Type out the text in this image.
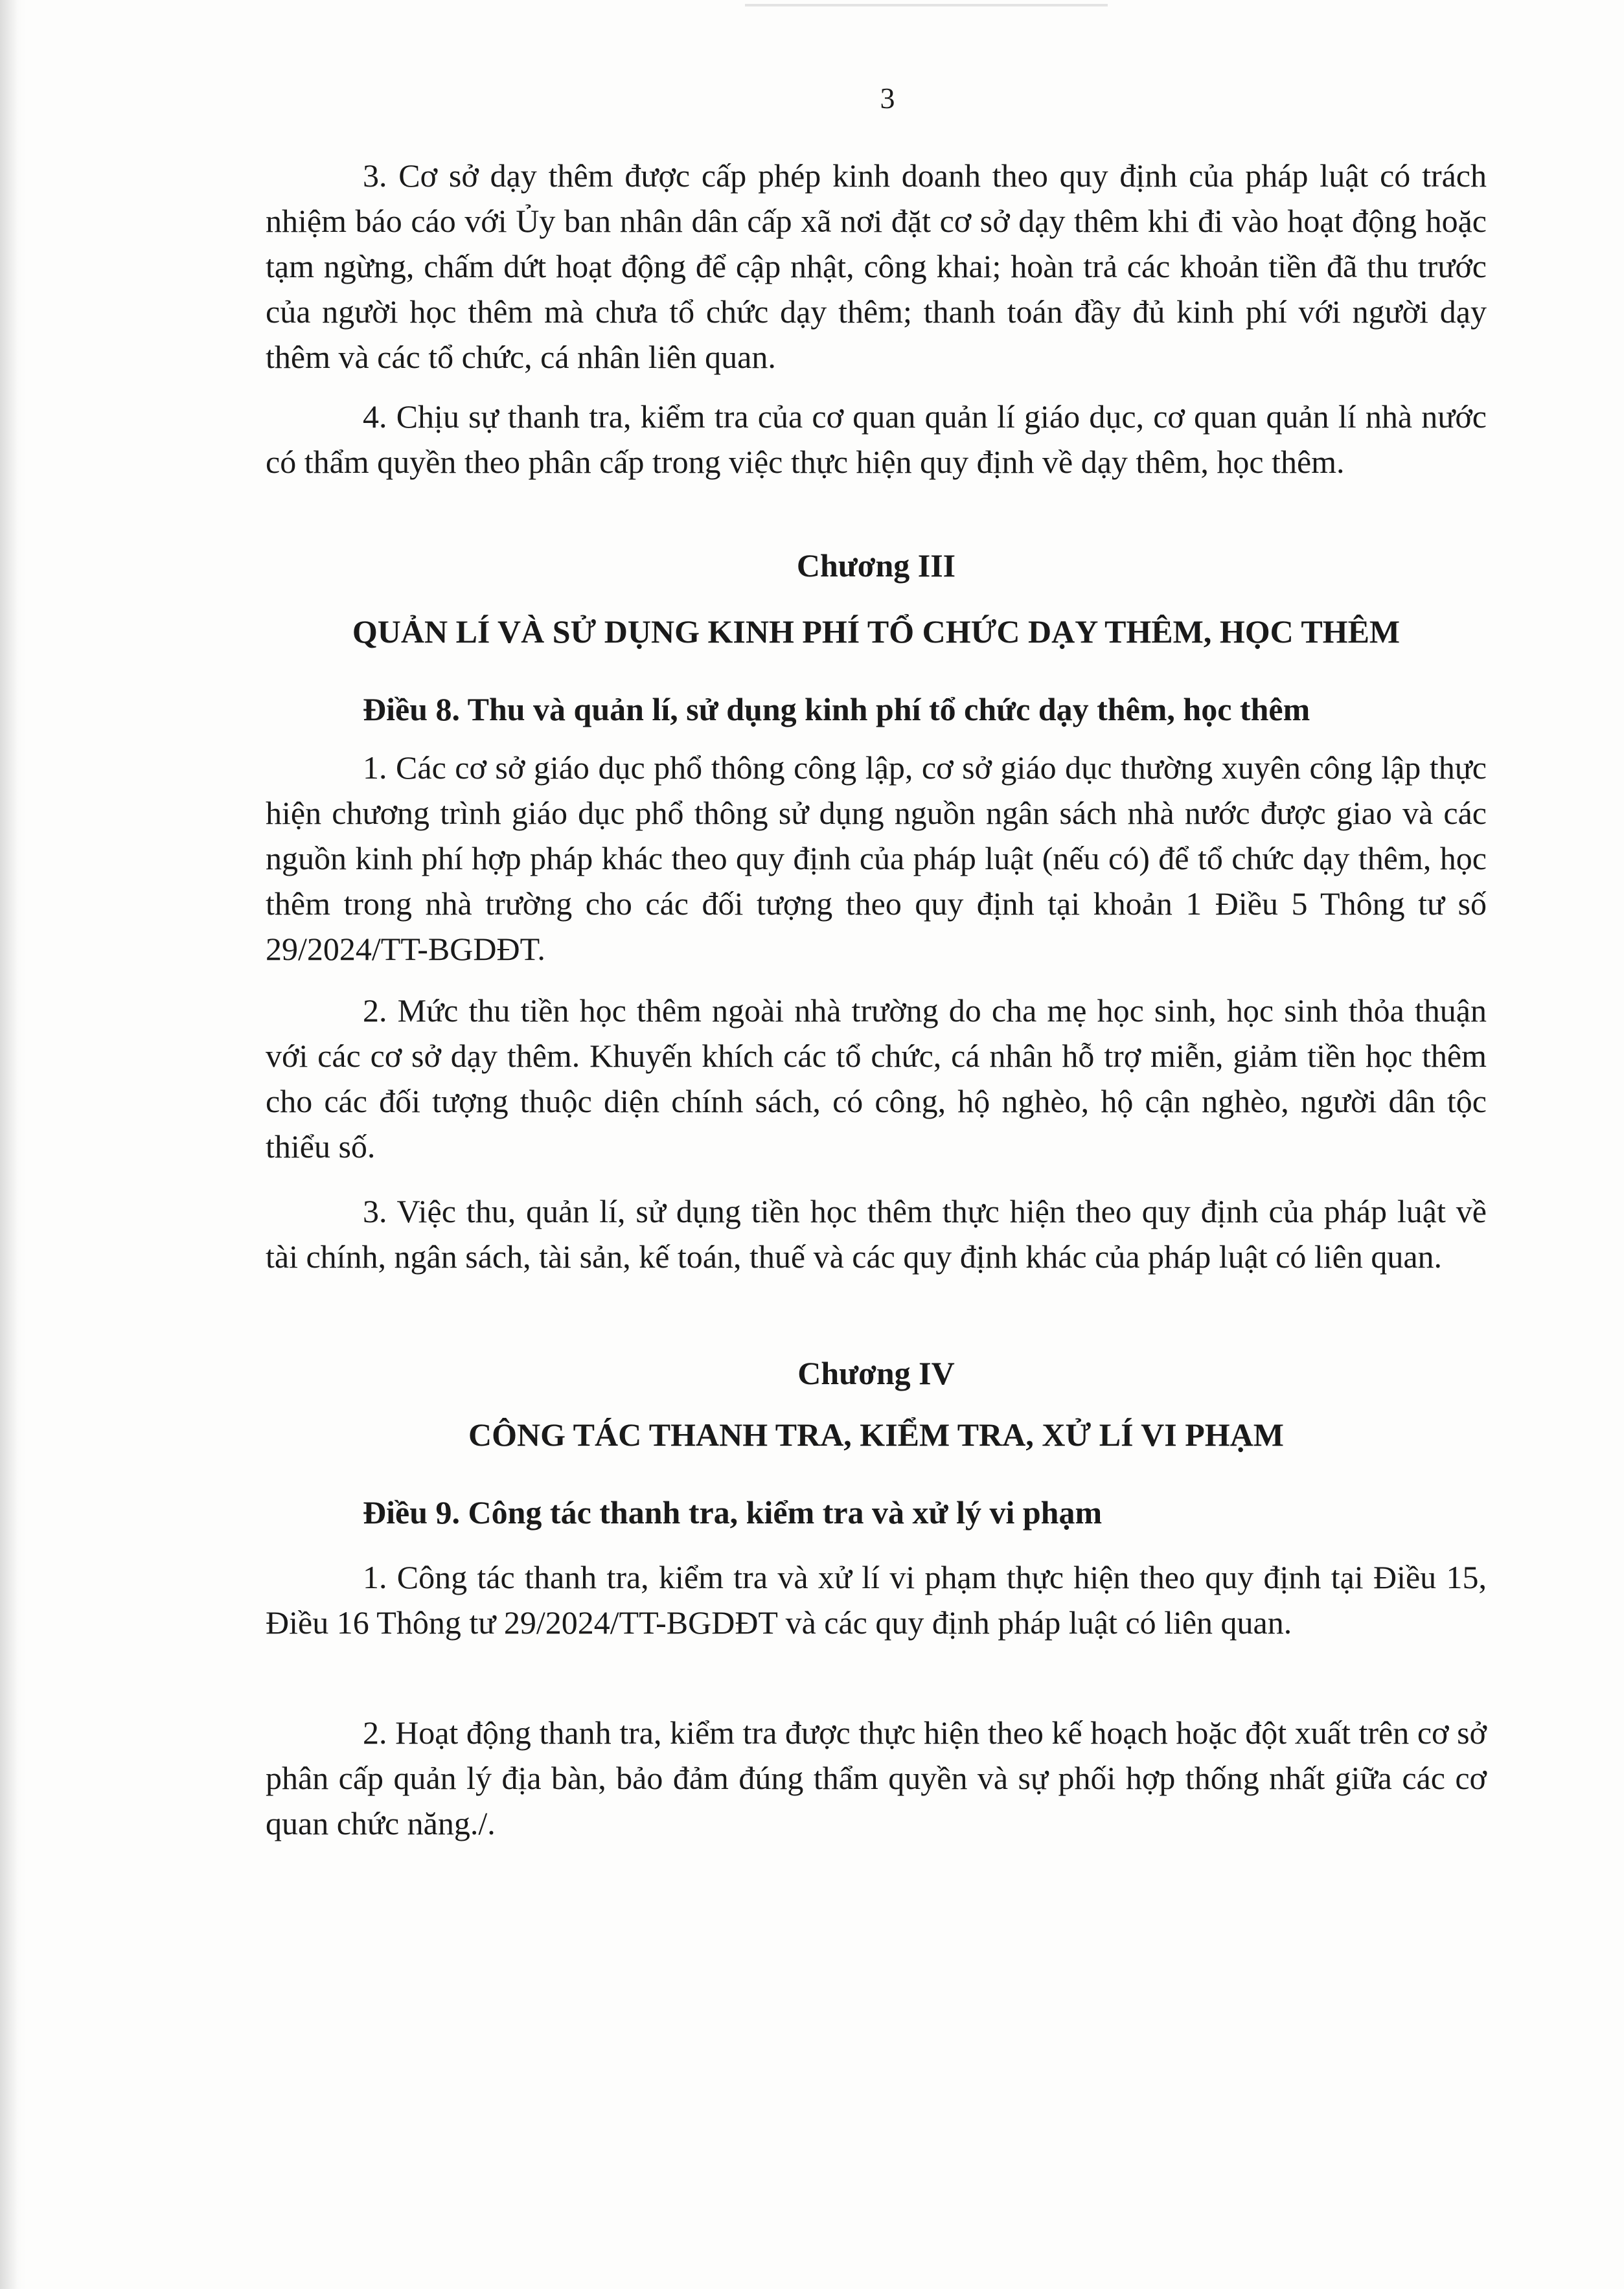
3

3. Cơ sở dạy thêm được cấp phép kinh doanh theo quy định của pháp luật có trách nhiệm báo cáo với Ủy ban nhân dân cấp xã nơi đặt cơ sở dạy thêm khi đi vào hoạt động hoặc tạm ngừng, chấm dứt hoạt động để cập nhật, công khai; hoàn trả các khoản tiền đã thu trước của người học thêm mà chưa tổ chức dạy thêm; thanh toán đầy đủ kinh phí với người dạy thêm và các tổ chức, cá nhân liên quan.

4. Chịu sự thanh tra, kiểm tra của cơ quan quản lí giáo dục, cơ quan quản lí nhà nước có thẩm quyền theo phân cấp trong việc thực hiện quy định về dạy thêm, học thêm.

Chương III

QUẢN LÍ VÀ SỬ DỤNG KINH PHÍ TỔ CHỨC DẠY THÊM, HỌC THÊM

Điều 8. Thu và quản lí, sử dụng kinh phí tổ chức dạy thêm, học thêm

1. Các cơ sở giáo dục phổ thông công lập, cơ sở giáo dục thường xuyên công lập thực hiện chương trình giáo dục phổ thông sử dụng nguồn ngân sách nhà nước được giao và các nguồn kinh phí hợp pháp khác theo quy định của pháp luật (nếu có) để tổ chức dạy thêm, học thêm trong nhà trường cho các đối tượng theo quy định tại khoản 1 Điều 5 Thông tư số 29/2024/TT-BGDĐT.

2. Mức thu tiền học thêm ngoài nhà trường do cha mẹ học sinh, học sinh thỏa thuận với các cơ sở dạy thêm. Khuyến khích các tổ chức, cá nhân hỗ trợ miễn, giảm tiền học thêm cho các đối tượng thuộc diện chính sách, có công, hộ nghèo, hộ cận nghèo, người dân tộc thiểu số.

3. Việc thu, quản lí, sử dụng tiền học thêm thực hiện theo quy định của pháp luật về tài chính, ngân sách, tài sản, kế toán, thuế và các quy định khác của pháp luật có liên quan.

Chương IV

CÔNG TÁC THANH TRA, KIỂM TRA, XỬ LÍ VI PHẠM

Điều 9. Công tác thanh tra, kiểm tra và xử lý vi phạm

1. Công tác thanh tra, kiểm tra và xử lí vi phạm thực hiện theo quy định tại Điều 15, Điều 16 Thông tư 29/2024/TT-BGDĐT và các quy định pháp luật có liên quan.

2. Hoạt động thanh tra, kiểm tra được thực hiện theo kế hoạch hoặc đột xuất trên cơ sở phân cấp quản lý địa bàn, bảo đảm đúng thẩm quyền và sự phối hợp thống nhất giữa các cơ quan chức năng./.
